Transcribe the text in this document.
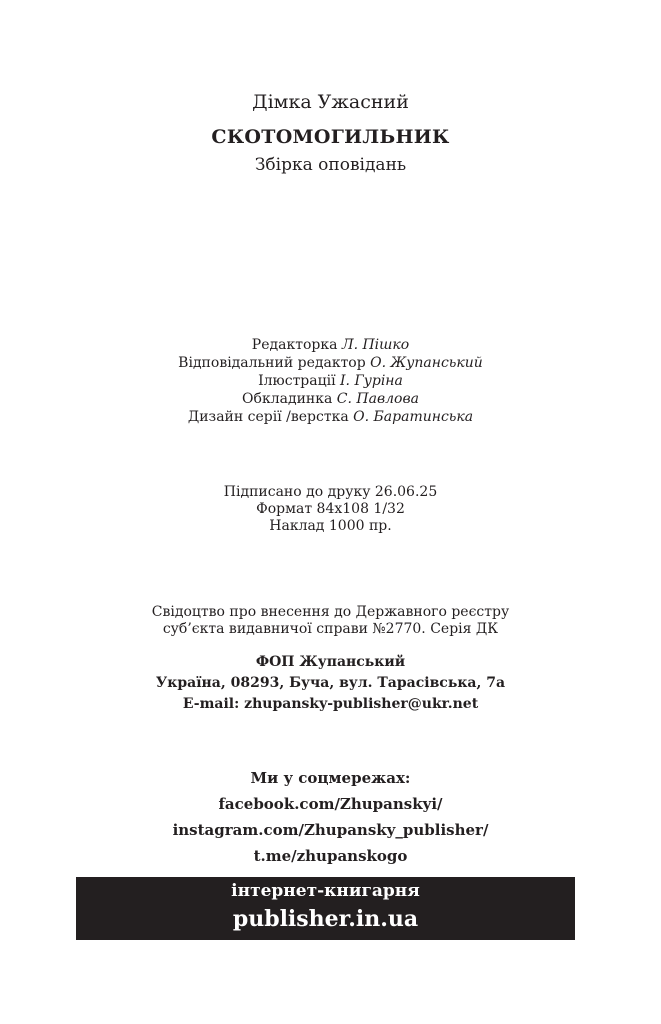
Дімка Ужасний
СКОТОМОГИЛЬНИК
Збірка оповідань
Редакторка Л. Пішко
Відповідальний редактор О. Жупанський
Ілюстрації І. Гуріна
Обкладинка С. Павлова
Дизайн серії /верстка О. Баратинська
Підписано до друку 26.06.25
Формат 84х108 1/32
Наклад 1000 пр.
Свідоцтво про внесення до Державного реєстру
суб’єкта видавничої справи №2770. Серія ДК
ФОП Жупанський
Україна, 08293, Буча, вул. Тарасівська, 7а
E-mail: zhupansky-publisher@ukr.net
Ми у соцмережах:
facebook.com/Zhupanskyi/
instagram.com/Zhupansky_publisher/
t.me/zhupanskogo
інтернет-книгарня
publisher.in.ua
